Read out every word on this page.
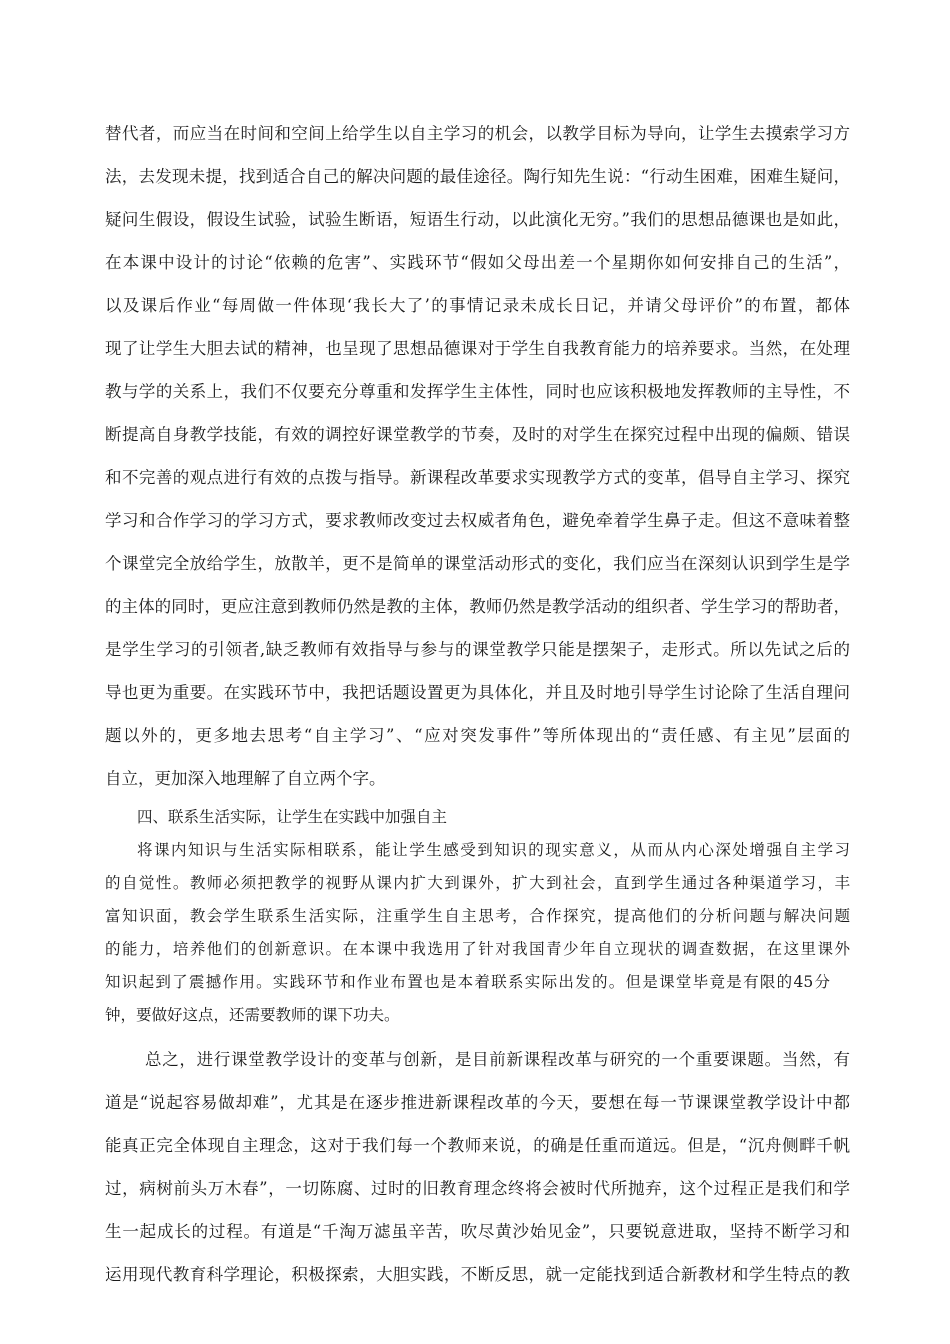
替代者，而应当在时间和空间上给学生以自主学习的机会，以教学目标为导向，让学生去摸索学习方
法，去发现未提，找到适合自己的解决问题的最佳途径。陶行知先生说：“行动生困难，困难生疑问，
疑问生假设，假设生试验，试验生断语，短语生行动，以此演化无穷。”我们的思想品德课也是如此，
在本课中设计的讨论“依赖的危害”、实践环节“假如父母出差一个星期你如何安排自己的生活”，
以及课后作业“每周做一件体现‘我长大了’的事情记录未成长日记，并请父母评价”的布置，都体
现了让学生大胆去试的精神，也呈现了思想品德课对于学生自我教育能力的培养要求。当然，在处理
教与学的关系上，我们不仅要充分尊重和发挥学生主体性，同时也应该积极地发挥教师的主导性，不
断提高自身教学技能，有效的调控好课堂教学的节奏，及时的对学生在探究过程中出现的偏颇、错误
和不完善的观点进行有效的点拨与指导。新课程改革要求实现教学方式的变革，倡导自主学习、探究
学习和合作学习的学习方式，要求教师改变过去权威者角色，避免牵着学生鼻子走。但这不意味着整
个课堂完全放给学生，放散羊，更不是简单的课堂活动形式的变化，我们应当在深刻认识到学生是学
的主体的同时，更应注意到教师仍然是教的主体，教师仍然是教学活动的组织者、学生学习的帮助者，
是学生学习的引领者,缺乏教师有效指导与参与的课堂教学只能是摆架子，走形式。所以先试之后的
导也更为重要。在实践环节中，我把话题设置更为具体化，并且及时地引导学生讨论除了生活自理问
题以外的，更多地去思考“自主学习”、“应对突发事件”等所体现出的“责任感、有主见”层面的
自立，更加深入地理解了自立两个字。
四、联系生活实际，让学生在实践中加强自主
将课内知识与生活实际相联系，能让学生感受到知识的现实意义，从而从内心深处增强自主学习
的自觉性。教师必须把教学的视野从课内扩大到课外，扩大到社会，直到学生通过各种渠道学习，丰
富知识面，教会学生联系生活实际，注重学生自主思考，合作探究，提高他们的分析问题与解决问题
的能力，培养他们的创新意识。在本课中我选用了针对我国青少年自立现状的调查数据，在这里课外
知识起到了震撼作用。实践环节和作业布置也是本着联系实际出发的。但是课堂毕竟是有限的45分
钟，要做好这点，还需要教师的课下功夫。
总之，进行课堂教学设计的变革与创新，是目前新课程改革与研究的一个重要课题。当然，有
道是“说起容易做却难”，尤其是在逐步推进新课程改革的今天，要想在每一节课课堂教学设计中都
能真正完全体现自主理念，这对于我们每一个教师来说，的确是任重而道远。但是，“沉舟侧畔千帆
过，病树前头万木春”，一切陈腐、过时的旧教育理念终将会被时代所抛弃，这个过程正是我们和学
生一起成长的过程。有道是“千淘万滤虽辛苦，吹尽黄沙始见金”，只要锐意进取，坚持不断学习和
运用现代教育科学理论，积极探索，大胆实践，不断反思，就一定能找到适合新教材和学生特点的教
